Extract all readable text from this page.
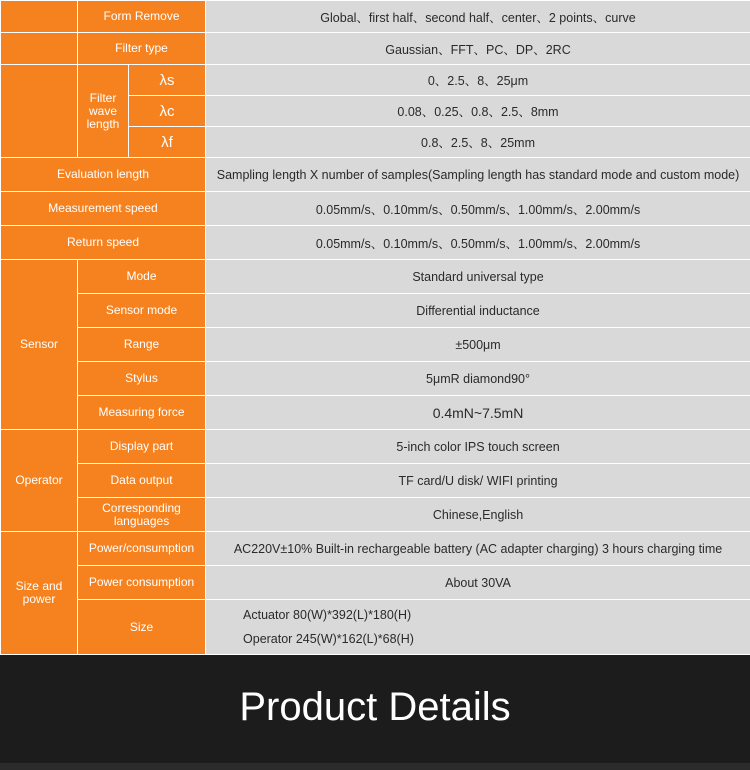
	Form Remove		Global、first half、second half、center、2 points、curve
	Filter type		Gaussian、FFT、PC、DP、2RC
	Filter wave length	λs	0、2.5、8、25μm
		λc	0.08、0.25、0.8、2.5、8mm
		λf	0.8、2.5、8、25mm
Evaluation length			Sampling length X number of samples(Sampling length has standard mode and custom mode)
Measurement speed			0.05mm/s、0.10mm/s、0.50mm/s、1.00mm/s、2.00mm/s
Return speed			0.05mm/s、0.10mm/s、0.50mm/s、1.00mm/s、2.00mm/s
Sensor	Mode		Standard universal type
	Sensor mode		Differential inductance
	Range		±500μm
	Stylus		5μmR diamond90°
	Measuring force		0.4mN~7.5mN
Operator	Display part		5-inch color IPS touch screen
	Data output		TF card/U disk/ WIFI printing
	Corresponding languages		Chinese,English
Size and power	Power/consumption		AC220V±10% Built-in rechargeable battery (AC adapter charging) 3 hours charging time
	Power consumption		About 30VA
	Size		Actuator 80(W)*392(L)*180(H)
Operator 245(W)*162(L)*68(H)
Product Details
